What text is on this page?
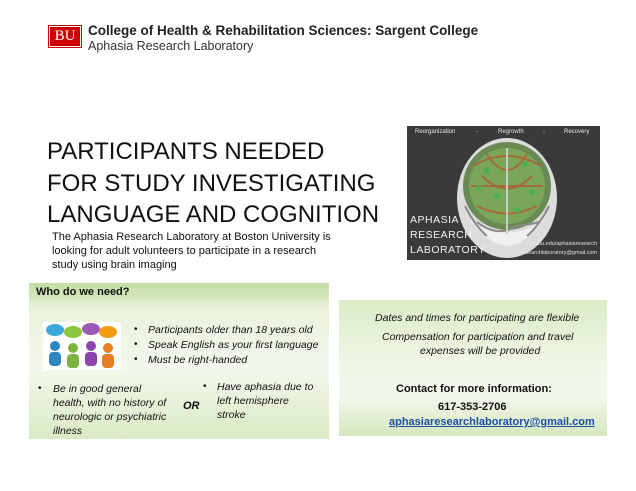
BU College of Health & Rehabilitation Sciences: Sargent College
Aphasia Research Laboratory
PARTICIPANTS NEEDED
FOR STUDY INVESTIGATING
LANGUAGE AND COGNITION
The Aphasia Research Laboratory at Boston University is looking for adult volunteers to participate in a research study using brain imaging
Reorganization	-	Regrowth	-	Recovery
APHASIA
RESEARCH
LABORATORY	www.bu.edu/aphasiaresearch
aphasiaresearchlaboratory@gmail.com
Who do we need?
• Participants older than 18 years old
• Speak English as your first language
• Must be right-handed
• Be in good general
health, with no history of
neurologic or psychiatric
illness
OR
• Have aphasia due to
left hemisphere
stroke
Dates and times for participating are flexible
Compensation for participation and travel
expenses will be provided
Contact for more information:
617-353-2706
aphasiaresearchlaboratory@gmail.com
